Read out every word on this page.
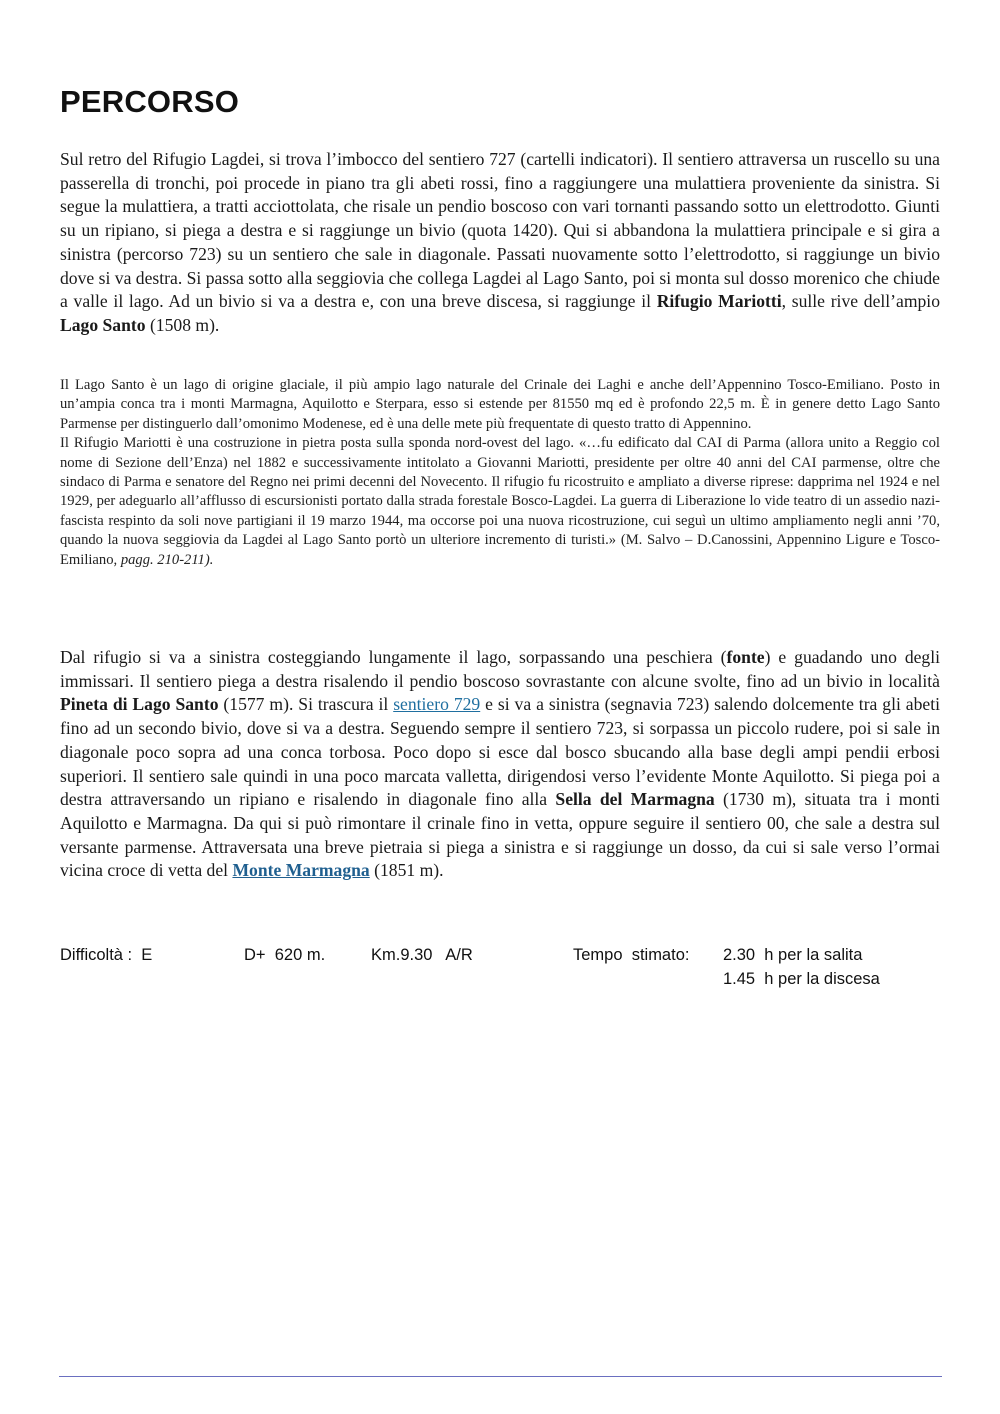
PERCORSO

Sul retro del Rifugio Lagdei, si trova l’imbocco del sentiero 727 (cartelli indicatori). Il sentiero attraversa un ruscello su una passerella di tronchi, poi procede in piano tra gli abeti rossi, fino a raggiungere una mulattiera proveniente da sinistra. Si segue la mulattiera, a tratti acciottolata, che risale un pendio boscoso con vari tornanti passando sotto un elettrodotto. Giunti su un ripiano, si piega a destra e si raggiunge un bivio (quota 1420). Qui si abbandona la mulattiera principale e si gira a sinistra (percorso 723) su un sentiero che sale in diagonale. Passati nuovamente sotto l’elettrodotto, si raggiunge un bivio dove si va destra. Si passa sotto alla seggiovia che collega Lagdei al Lago Santo, poi si monta sul dosso morenico che chiude a valle il lago. Ad un bivio si va a destra e, con una breve discesa, si raggiunge il Rifugio Mariotti, sulle rive dell’ampio Lago Santo (1508 m).

Il Lago Santo è un lago di origine glaciale, il più ampio lago naturale del Crinale dei Laghi e anche dell’Appennino Tosco-Emiliano. Posto in un’ampia conca tra i monti Marmagna, Aquilotto e Sterpara, esso si estende per 81550 mq ed è profondo 22,5 m. È in genere detto Lago Santo Parmense per distinguerlo dall’omonimo Modenese, ed è una delle mete più frequentate di questo tratto di Appennino.

Il Rifugio Mariotti è una costruzione in pietra posta sulla sponda nord-ovest del lago. «…fu edificato dal CAI di Parma (allora unito a Reggio col nome di Sezione dell’Enza) nel 1882 e successivamente intitolato a Giovanni Mariotti, presidente per oltre 40 anni del CAI parmense, oltre che sindaco di Parma e senatore del Regno nei primi decenni del Novecento. Il rifugio fu ricostruito e ampliato a diverse riprese: dapprima nel 1924 e nel 1929, per adeguarlo all’afflusso di escursionisti portato dalla strada forestale Bosco-Lagdei. La guerra di Liberazione lo vide teatro di un assedio nazi-fascista respinto da soli nove partigiani il 19 marzo 1944, ma occorse poi una nuova ricostruzione, cui seguì un ultimo ampliamento negli anni ’70, quando la nuova seggiovia da Lagdei al Lago Santo portò un ulteriore incremento di turisti.» (M. Salvo – D.Canossini, Appennino Ligure e Tosco-Emiliano, pagg. 210-211).

Dal rifugio si va a sinistra costeggiando lungamente il lago, sorpassando una peschiera (fonte) e guadando uno degli immissari. Il sentiero piega a destra risalendo il pendio boscoso sovrastante con alcune svolte, fino ad un bivio in località Pineta di Lago Santo (1577 m). Si trascura il sentiero 729 e si va a sinistra (segnavia 723) salendo dolcemente tra gli abeti fino ad un secondo bivio, dove si va a destra. Seguendo sempre il sentiero 723, si sorpassa un piccolo rudere, poi si sale in diagonale poco sopra ad una conca torbosa. Poco dopo si esce dal bosco sbucando alla base degli ampi pendii erbosi superiori. Il sentiero sale quindi in una poco marcata valletta, dirigendosi verso l’evidente Monte Aquilotto. Si piega poi a destra attraversando un ripiano e risalendo in diagonale fino alla Sella del Marmagna (1730 m), situata tra i monti Aquilotto e Marmagna. Da qui si può rimontare il crinale fino in vetta, oppure seguire il sentiero 00, che sale a destra sul versante parmense. Attraversata una breve pietraia si piega a sinistra e si raggiunge un dosso, da cui si sale verso l’ormai vicina croce di vetta del Monte Marmagna (1851 m).

Difficoltà :  E	D+  620 m.	Km.9.30   A/R	Tempo  stimato: 2.30  h per la salita
1.45  h per la discesa
